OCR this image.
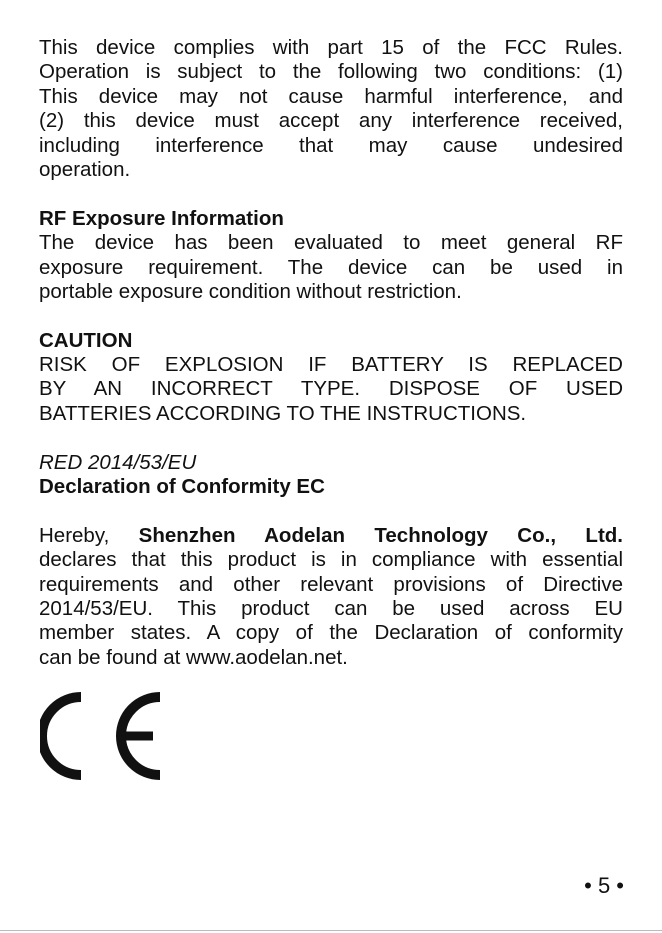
This device complies with part 15 of the FCC Rules.
Operation is subject to the following two conditions: (1)
This device may not cause harmful interference, and
(2) this device must accept any interference received,
including interference that may cause undesired
operation.
RF Exposure Information
The device has been evaluated to meet general RF
exposure requirement. The device can be used in
portable exposure condition without restriction.
CAUTION
RISK OF EXPLOSION IF BATTERY IS REPLACED
BY AN INCORRECT TYPE. DISPOSE OF USED
BATTERIES ACCORDING TO THE INSTRUCTIONS.
RED 2014/53/EU
Declaration of Conformity EC
Hereby, Shenzhen Aodelan Technology Co., Ltd.
declares that this product is in compliance with essential
requirements and other relevant provisions of Directive
2014/53/EU. This product can be used across EU
member states. A copy of the Declaration of conformity
can be found at www.aodelan.net.
• 5 •
